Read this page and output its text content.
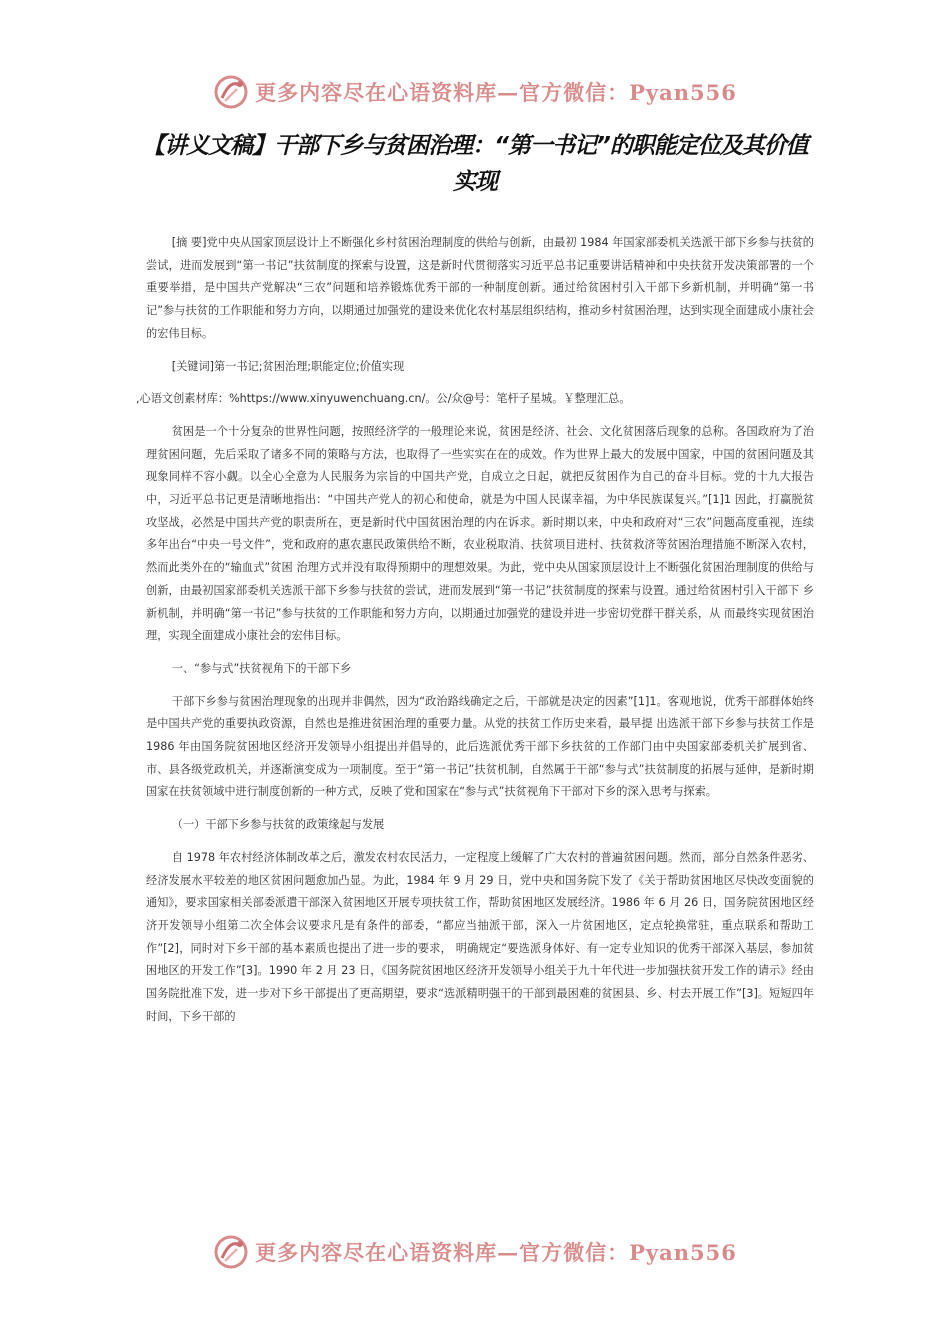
更多内容尽在心语资料库—官方微信：Pyan556
【讲义文稿】干部下乡与贫困治理：“第一书记”的职能定位及其价值实现

[摘 要]党中央从国家顶层设计上不断强化乡村贫困治理制度的供给与创新，由最初 1984 年国家部委机关选派干部下乡参与扶贫的尝试，进而发展到“第一书记”扶贫制度的探索与设置，这是新时代贯彻落实习近平总书记重要讲话精神和中央扶贫开发决策部署的一个重要举措，是中国共产党解决“三农”问题和培养锻炼优秀干部的一种制度创新。通过给贫困村引入干部下乡新机制，并明确“第一书记”参与扶贫的工作职能和努力方向，以期通过加强党的建设来优化农村基层组织结构，推动乡村贫困治理，达到实现全面建成小康社会的宏伟目标。

[关键词]第一书记;贫困治理;职能定位;价值实现

,心语文创素材库：%https://www.xinyuwenchuang.cn/。公/众@号：笔杆子星城。￥整理汇总。

贫困是一个十分复杂的世界性问题，按照经济学的一般理论来说，贫困是经济、社会、文化贫困落后现象的总称。各国政府为了治理贫困问题，先后采取了诸多不同的策略与方法，也取得了一些实实在在的成效。作为世界上最大的发展中国家，中国的贫困问题及其现象同样不容小觑。以全心全意为人民服务为宗旨的中国共产党，自成立之日起，就把反贫困作为自己的奋斗目标。党的十九大报告中，习近平总书记更是清晰地指出：“中国共产党人的初心和使命，就是为中国人民谋幸福，为中华民族谋复兴。”[1]1 因此，打赢脱贫攻坚战，必然是中国共产党的职责所在，更是新时代中国贫困治理的内在诉求。新时期以来，中央和政府对“三农”问题高度重视，连续多年出台“中央一号文件”，党和政府的惠农惠民政策供给不断，农业税取消、扶贫项目进村、扶贫救济等贫困治理措施不断深入农村，然而此类外在的“输血式”贫困 治理方式并没有取得预期中的理想效果。为此，党中央从国家顶层设计上不断强化贫困治理制度的供给与创新，由最初国家部委机关选派干部下乡参与扶贫的尝试，进而发展到“第一书记”扶贫制度的探索与设置。通过给贫困村引入干部下 乡新机制，并明确“第一书记”参与扶贫的工作职能和努力方向，以期通过加强党的建设并进一步密切党群干群关系，从 而最终实现贫困治理，实现全面建成小康社会的宏伟目标。

一、“参与式”扶贫视角下的干部下乡

干部下乡参与贫困治理现象的出现并非偶然，因为“政治路线确定之后，干部就是决定的因素”[1]1。客观地说，优秀干部群体始终是中国共产党的重要执政资源，自然也是推进贫困治理的重要力量。从党的扶贫工作历史来看，最早提 出选派干部下乡参与扶贫工作是 1986 年由国务院贫困地区经济开发领导小组提出并倡导的，此后选派优秀干部下乡扶贫的工作部门由中央国家部委机关扩展到省、市、县各级党政机关，并逐渐演变成为一项制度。至于“第一书记”扶贫机制，自然属于干部“参与式”扶贫制度的拓展与延伸，是新时期国家在扶贫领域中进行制度创新的一种方式，反映了党和国家在“参与式”扶贫视角下干部对下乡的深入思考与探索。

（一）干部下乡参与扶贫的政策缘起与发展

自 1978 年农村经济体制改革之后，激发农村农民活力，一定程度上缓解了广大农村的普遍贫困问题。然而，部分自然条件恶劣、经济发展水平较差的地区贫困问题愈加凸显。为此，1984 年 9 月 29 日，党中央和国务院下发了《关于帮助贫困地区尽快改变面貌的通知》，要求国家相关部委派遣干部深入贫困地区开展专项扶贫工作，帮助贫困地区发展经济。1986 年 6 月 26 日，国务院贫困地区经济开发领导小组第二次全体会议要求凡是有条件的部委，“都应当抽派干部，深入一片贫困地区，定点轮换常驻，重点联系和帮助工作”[2]，同时对下乡干部的基本素质也提出了进一步的要求， 明确规定“要选派身体好、有一定专业知识的优秀干部深入基层，参加贫困地区的开发工作”[3]。1990 年 2 月 23 日，《国务院贫困地区经济开发领导小组关于九十年代进一步加强扶贫开发工作的请示》经由国务院批准下发，进一步对下乡干部提出了更高期望，要求“选派精明强干的干部到最困难的贫困县、乡、村去开展工作”[3]。短短四年时间，下乡干部的

更多内容尽在心语资料库—官方微信：Pyan556
